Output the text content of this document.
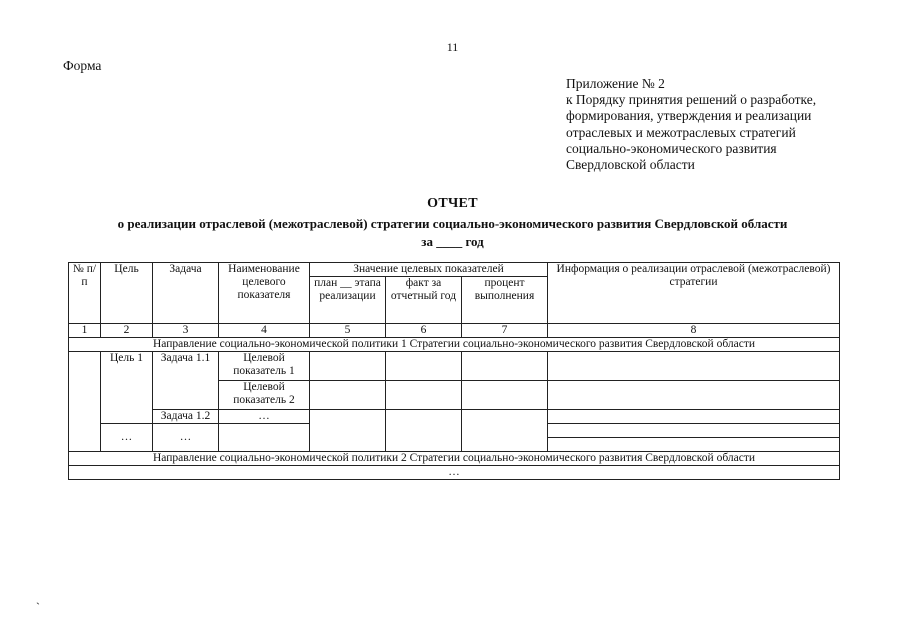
11
Форма
Приложение № 2
к Порядку принятия решений о разработке,
формирования, утверждения и реализации
отраслевых и межотраслевых стратегий
социально-экономического развития
Свердловской области
ОТЧЕТ
о реализации отраслевой (межотраслевой) стратегии социально-экономического развития Свердловской области
за ____ год
№ п/п	Цель	Задача	Наименование целевого показателя	Значение целевых показателей			Информация о реализации отраслевой (межотраслевой) стратегии
				план __ этапа реализации	факт за отчетный год	процент выполнения	
1	2	3	4	5	6	7	8
Направление социально-экономической политики 1 Стратегии социально-экономического развития Свердловской области							
	Цель 1	Задача 1.1	Целевой показатель 1				
			Целевой показатель 2				
		Задача 1.2	…				
	…	…					

Направление социально-экономической политики 2 Стратегии социально-экономического развития Свердловской области							
…							
`
